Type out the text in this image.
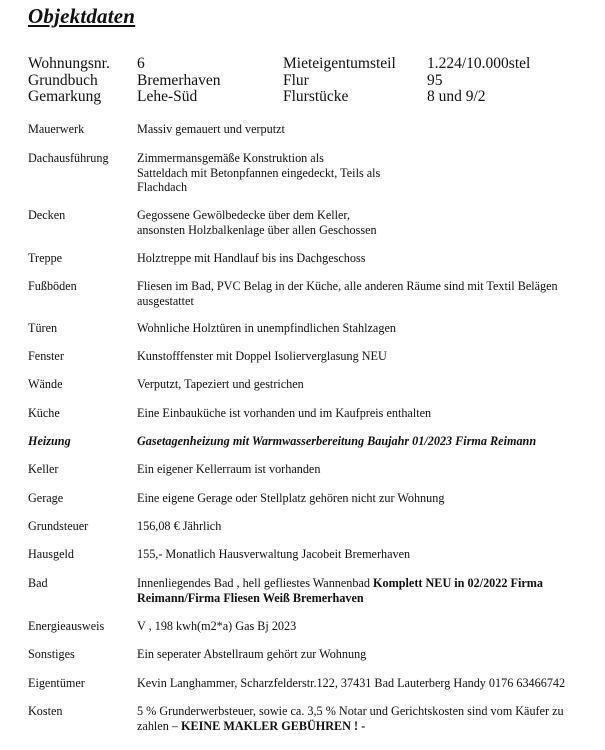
Objektdaten
Wohnungsnr. 6	Mieteigentumsteil 1.224/10.000stel
Grundbuch	Bremerhaven	Flur	95
Gemarkung Lehe-Süd	Flurstücke	8 und 9/2
Mauerwerk	Massiv gemauert und verputzt
Dachausführung Zimmermansgemäße Konstruktion als
Satteldach mit Betonpfannen eingedeckt, Teils als
Flachdach
Decken	Gegossene Gewölbedecke über dem Keller,
ansonsten Holzbalkenlage über allen Geschossen
Treppe	Holztreppe mit Handlauf bis ins Dachgeschoss
Fußböden	Fliesen im Bad, PVC Belag in der Küche, alle anderen Räume sind mit Textil Belägen ausgestattet
Türen	Wohnliche Holztüren in unempfindlichen Stahlzagen
Fenster	Kunstofffenster mit Doppel Isolierverglasung NEU
Wände	Verputzt, Tapeziert und gestrichen
Küche	Eine Einbauküche ist vorhanden und im Kaufpreis enthalten
Heizung	Gasetagenheizung mit Warmwasserbereitung Baujahr 01/2023 Firma Reimann
Keller	Ein eigener Kellerraum ist vorhanden
Gerage	Eine eigene Gerage oder Stellplatz gehören nicht zur Wohnung
Grundsteuer	156,08 € Jährlich
Hausgeld	155,- Monatlich Hausverwaltung Jacobeit Bremerhaven
Bad	Innenliegendes Bad , hell gefliestes Wannenbad Komplett NEU in 02/2022 Firma Reimann/Firma Fliesen Weiß Bremerhaven
Energieausweis	V , 198 kwh(m2*a) Gas Bj 2023
Sonstiges	Ein seperater Abstellraum gehört zur Wohnung
Eigentümer	Kevin Langhammer, Scharzfelderstr.122, 37431 Bad Lauterberg Handy 0176 63466742
Kosten	5 % Grunderwerbsteuer, sowie ca. 3,5 % Notar und Gerichtskosten sind vom Käufer zu zahlen – KEINE MAKLER GEBÜHREN ! -
